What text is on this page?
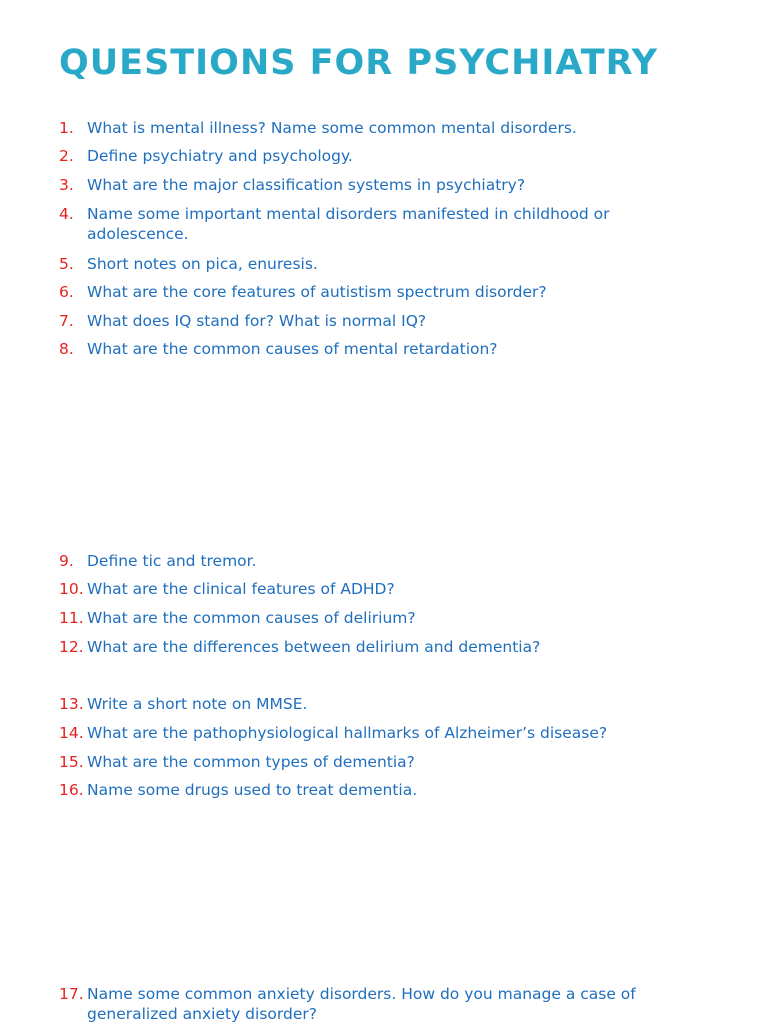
QUESTIONS FOR PSYCHIATRY
1. What is mental illness? Name some common mental disorders.
2. Define psychiatry and psychology.
3. What are the major classification systems in psychiatry?
4. Name some important mental disorders manifested in childhood or adolescence.
5. Short notes on pica, enuresis.
6. What are the core features of autistism spectrum disorder?
7. What does IQ stand for? What is normal IQ?
8. What are the common causes of mental retardation?
9. Define tic and tremor.
10. What are the clinical features of ADHD?
11. What are the common causes of delirium?
12. What are the differences between delirium and dementia?
13. Write a short note on MMSE.
14. What are the pathophysiological hallmarks of Alzheimer’s disease?
15. What are the common types of dementia?
16. Name some drugs used to treat dementia.
17. Name some common anxiety disorders. How do you manage a case of generalized anxiety disorder?
